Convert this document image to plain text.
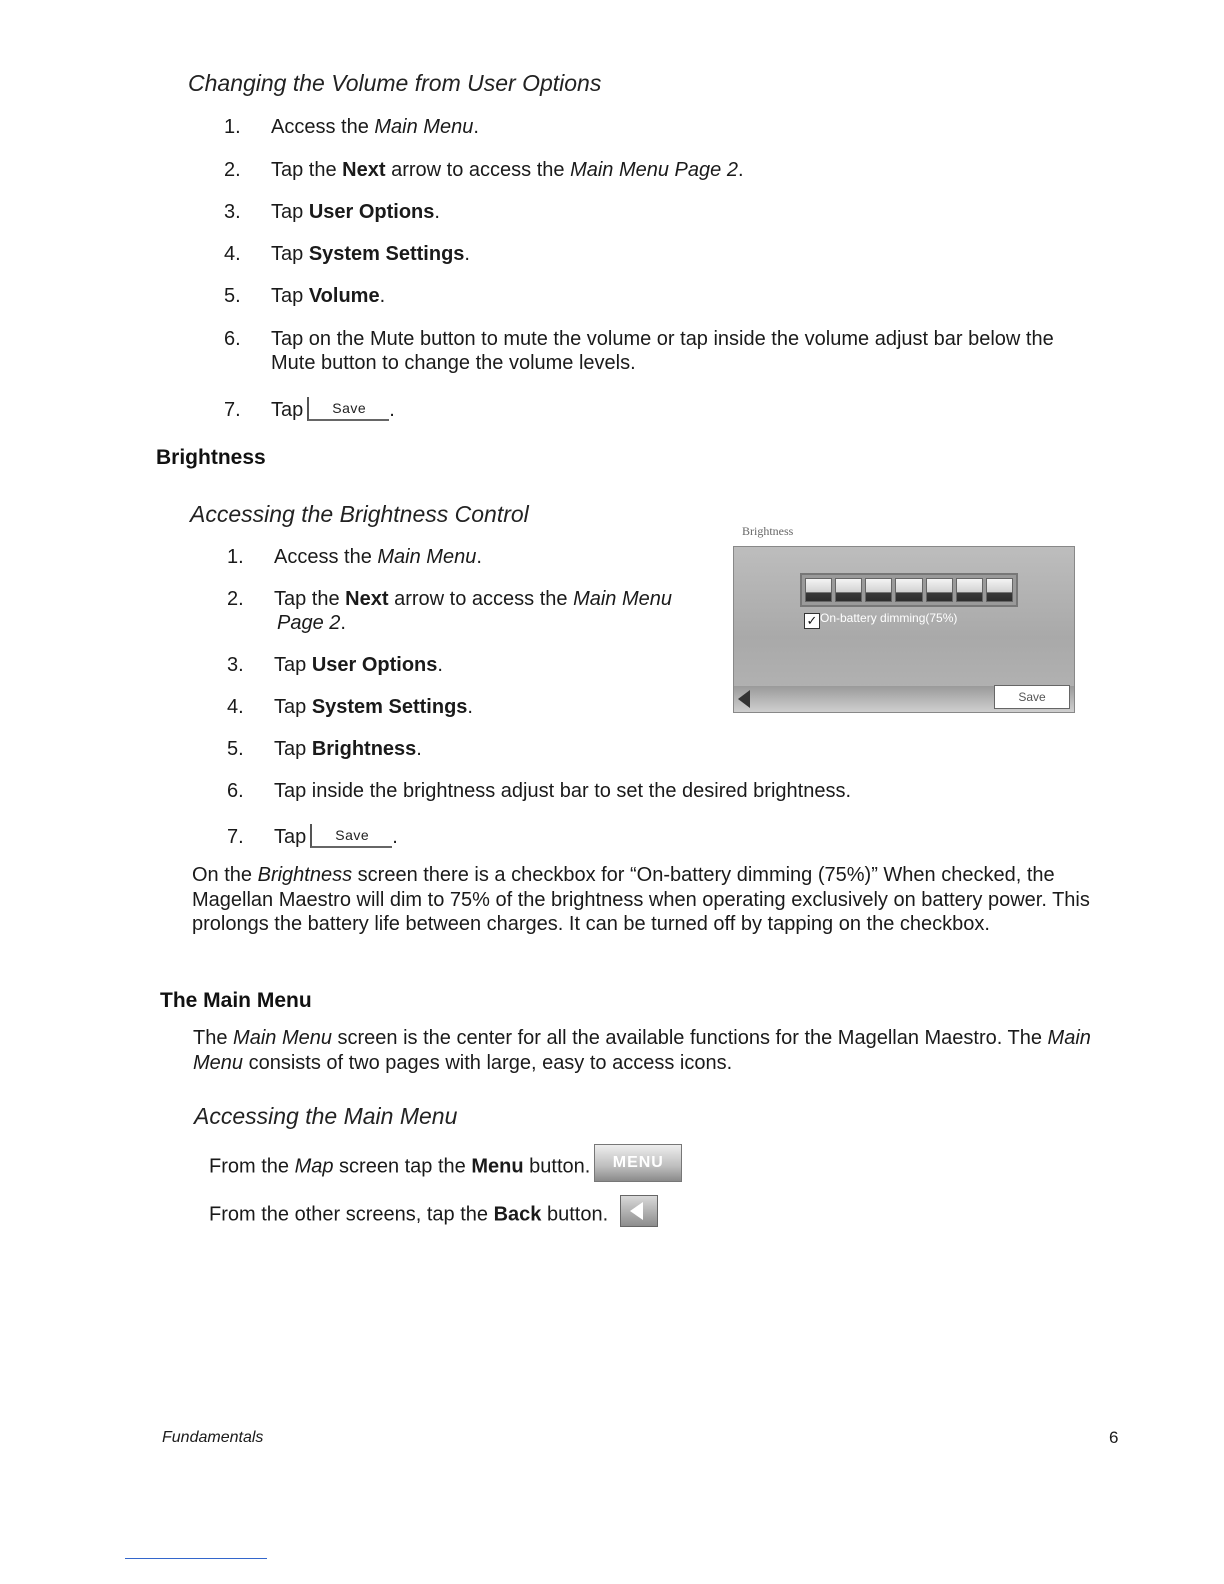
Changing the Volume from User Options
1. Access the Main Menu.
2. Tap the Next arrow to access the Main Menu Page 2.
3. Tap User Options.
4. Tap System Settings.
5. Tap Volume.
6. Tap on the Mute button to mute the volume or tap inside the volume adjust bar below the Mute button to change the volume levels.
7. Tap Save .
Brightness
Accessing the Brightness Control
1. Access the Main Menu.
2. Tap the Next arrow to access the Main Menu
Page 2.
3. Tap User Options.
4. Tap System Settings.
5. Tap Brightness.
6. Tap inside the brightness adjust bar to set the desired brightness.
7. Tap Save .
Brightness
✓ On-battery dimming(75%)
Save
On the Brightness screen there is a checkbox for “On-battery dimming (75%)” When checked, the Magellan Maestro will dim to 75% of the brightness when operating exclusively on battery power. This prolongs the battery life between charges. It can be turned off by tapping on the checkbox.
The Main Menu
The Main Menu screen is the center for all the available functions for the Magellan Maestro. The Main Menu consists of two pages with large, easy to access icons.
Accessing the Main Menu
From the Map screen tap the Menu button. MENU
From the other screens, tap the Back button.
Fundamentals	6
